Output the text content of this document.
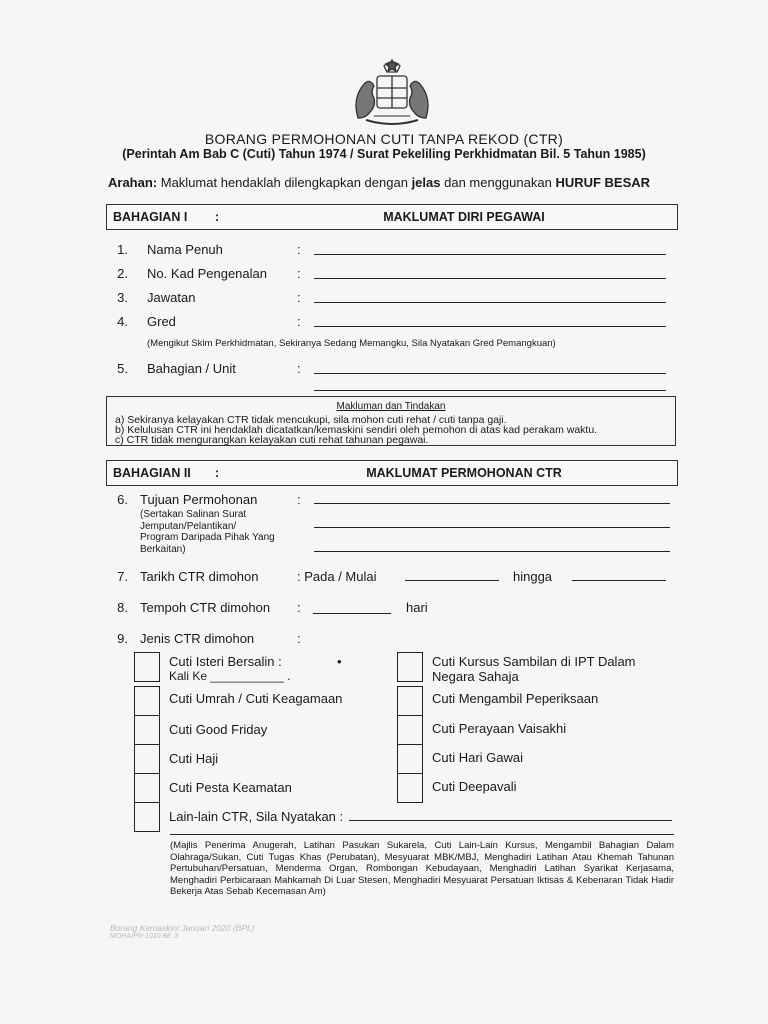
BORANG PERMOHONAN CUTI TANPA REKOD (CTR)
(Perintah Am Bab C (Cuti) Tahun 1974 / Surat Pekeliling Perkhidmatan Bil. 5 Tahun 1985)
Arahan: Maklumat hendaklah dilengkapkan dengan jelas dan menggunakan HURUF BESAR
BAHAGIAN I :	MAKLUMAT DIRI PEGAWAI
1. Nama Penuh	:
2. No. Kad Pengenalan :
3. Jawatan	:
4. Gred	:
(Mengikut Skim Perkhidmatan, Sekiranya Sedang Memangku, Sila Nyatakan Gred Pemangkuan)
5. Bahagian / Unit	:
Makluman dan Tindakan
a) Sekiranya kelayakan CTR tidak mencukupi, sila mohon cuti rehat / cuti tanpa gaji.
b) Kelulusan CTR ini hendaklah dicatatkan/kemaskini sendiri oleh pemohon di atas kad perakam waktu.
c) CTR tidak mengurangkan kelayakan cuti rehat tahunan pegawai.
BAHAGIAN II :	MAKLUMAT PERMOHONAN CTR
6. Tujuan Permohonan	:
(Sertakan Salinan Surat
Jemputan/Pelantikan/
Program Daripada Pihak Yang
Berkaitan)
7. Tarikh CTR dimohon	: Pada / Mulai	hingga
8. Tempoh CTR dimohon :	hari
9. Jenis CTR dimohon	:
Cuti Isteri Bersalin :	•
Kali Ke ___________ .
Cuti Umrah / Cuti Keagamaan
Cuti Good Friday
Cuti Haji
Cuti Pesta Keamatan
Lain-lain CTR, Sila Nyatakan :
Cuti Kursus Sambilan di IPT Dalam
Negara Sahaja
Cuti Mengambil Peperiksaan
Cuti Perayaan Vaisakhi
Cuti Hari Gawai
Cuti Deepavali
(Majlis Penerima Anugerah, Latihan Pasukan Sukarela, Cuti Lain-Lain Kursus, Mengambil Bahagian Dalam Olahraga/Sukan, Cuti Tugas Khas (Perubatan), Mesyuarat MBK/MBJ, Menghadiri Latihan Atau Khemah Tahunan Pertubuhan/Persatuan, Menderma Organ, Rombongan Kebudayaan, Menghadiri Latihan Syarikat Kerjasama, Menghadiri Perbicaraan Mahkamah Di Luar Stesen, Menghadiri Mesyuarat Persatuan Iktisas & Kebenaran Tidak Hadir Bekerja Atas Sebab Kecemasan Am)
Borang Kemaskini Januari 2020 (BPL)
MOHA/PN-1010 Bil. 3
